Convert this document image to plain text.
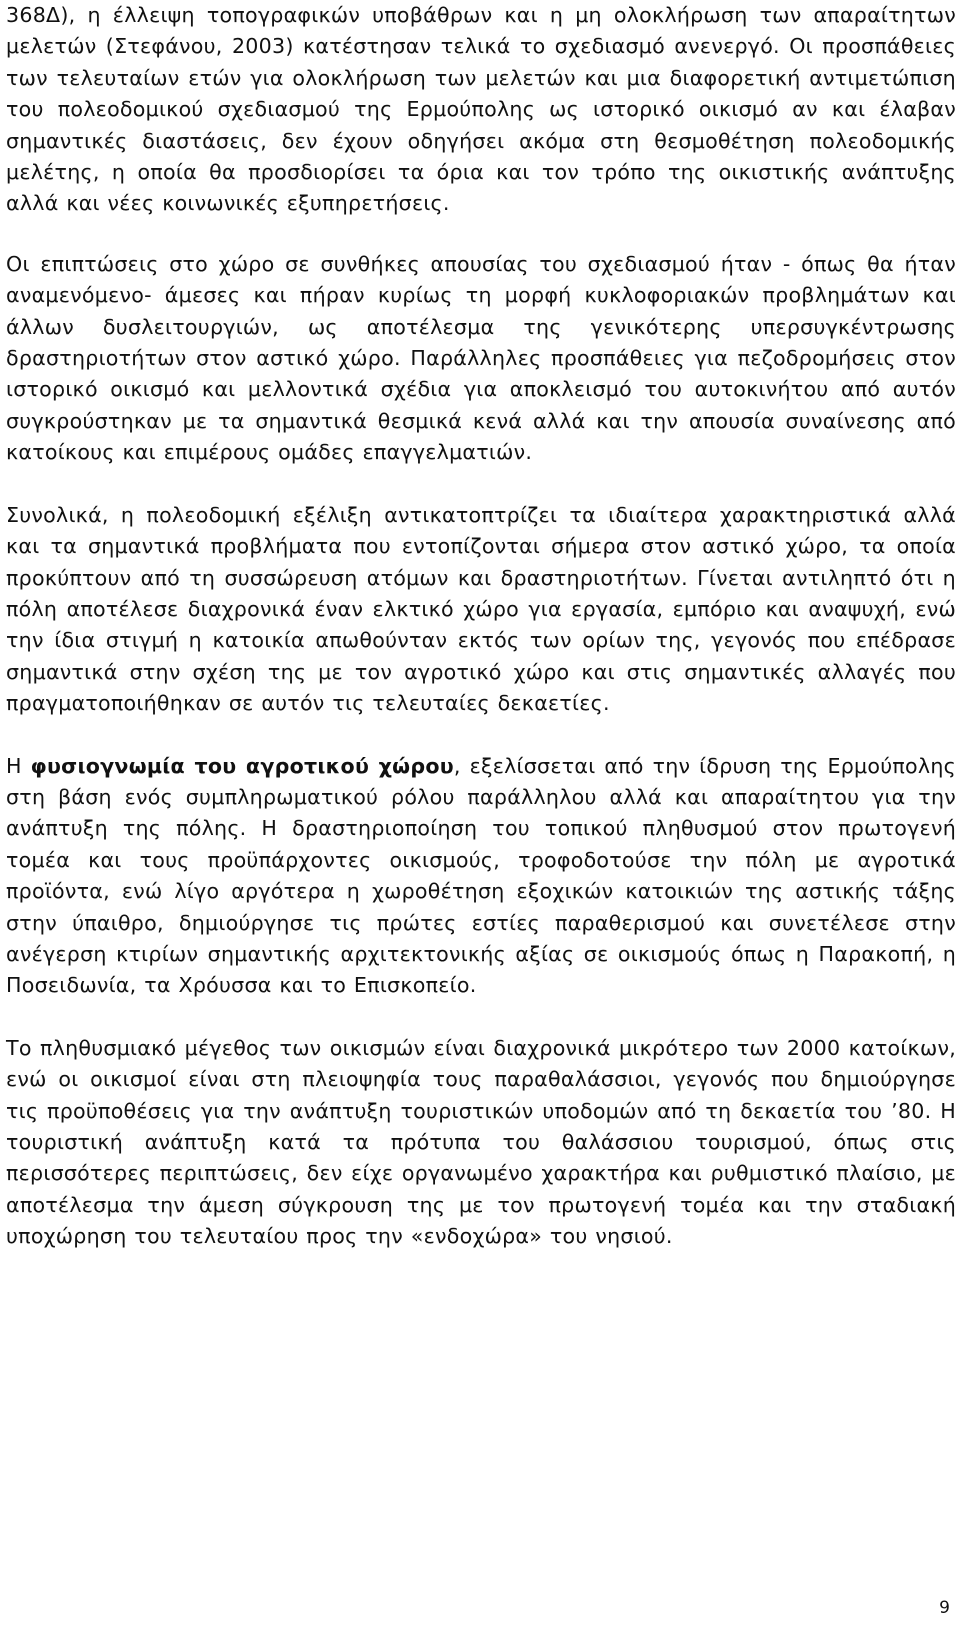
368Δ), η έλλειψη τοπογραφικών υποβάθρων και η μη ολοκλήρωση των απαραίτητων μελετών (Στεφάνου, 2003) κατέστησαν τελικά το σχεδιασμό ανενεργό. Οι προσπάθειες των τελευταίων ετών για ολοκλήρωση των μελετών και μια διαφορετική αντιμετώπιση του πολεοδομικού σχεδιασμού της Ερμούπολης ως ιστορικό οικισμό αν και έλαβαν σημαντικές διαστάσεις, δεν έχουν οδηγήσει ακόμα στη θεσμοθέτηση πολεοδομικής μελέτης, η οποία θα προσδιορίσει τα όρια και τον τρόπο της οικιστικής ανάπτυξης αλλά και νέες κοινωνικές εξυπηρετήσεις.

Οι επιπτώσεις στο χώρο σε συνθήκες απουσίας του σχεδιασμού ήταν - όπως θα ήταν αναμενόμενο- άμεσες και πήραν κυρίως τη μορφή κυκλοφοριακών προβλημάτων και άλλων δυσλειτουργιών, ως αποτέλεσμα της γενικότερης υπερσυγκέντρωσης δραστηριοτήτων στον αστικό χώρο. Παράλληλες προσπάθειες για πεζοδρομήσεις στον ιστορικό οικισμό και μελλοντικά σχέδια για αποκλεισμό του αυτοκινήτου από αυτόν συγκρούστηκαν με τα σημαντικά θεσμικά κενά αλλά και την απουσία συναίνεσης από κατοίκους και επιμέρους ομάδες επαγγελματιών.

Συνολικά, η πολεοδομική εξέλιξη αντικατοπτρίζει τα ιδιαίτερα χαρακτηριστικά αλλά και τα σημαντικά προβλήματα που εντοπίζονται σήμερα στον αστικό χώρο, τα οποία προκύπτουν από τη συσσώρευση ατόμων και δραστηριοτήτων. Γίνεται αντιληπτό ότι η πόλη αποτέλεσε διαχρονικά έναν ελκτικό χώρο για εργασία, εμπόριο και αναψυχή, ενώ την ίδια στιγμή η κατοικία απωθούνταν εκτός των ορίων της, γεγονός που επέδρασε σημαντικά στην σχέση της με τον αγροτικό χώρο και στις σημαντικές αλλαγές που πραγματοποιήθηκαν σε αυτόν τις τελευταίες δεκαετίες.

Η φυσιογνωμία του αγροτικού χώρου, εξελίσσεται από την ίδρυση της Ερμούπολης στη βάση ενός συμπληρωματικού ρόλου παράλληλου αλλά και απαραίτητου για την ανάπτυξη της πόλης. Η δραστηριοποίηση του τοπικού πληθυσμού στον πρωτογενή τομέα και τους προϋπάρχοντες οικισμούς, τροφοδοτούσε την πόλη με αγροτικά προϊόντα, ενώ λίγο αργότερα η χωροθέτηση εξοχικών κατοικιών της αστικής τάξης στην ύπαιθρο, δημιούργησε τις πρώτες εστίες παραθερισμού και συνετέλεσε στην ανέγερση κτιρίων σημαντικής αρχιτεκτονικής αξίας σε οικισμούς όπως η Παρακοπή, η Ποσειδωνία, τα Χρόυσσα και το Επισκοπείο.

Το πληθυσμιακό μέγεθος των οικισμών είναι διαχρονικά μικρότερο των 2000 κατοίκων, ενώ οι οικισμοί είναι στη πλειοψηφία τους παραθαλάσσιοι, γεγονός που δημιούργησε τις προϋποθέσεις για την ανάπτυξη τουριστικών υποδομών από τη δεκαετία του ’80. Η τουριστική ανάπτυξη κατά τα πρότυπα του θαλάσσιου τουρισμού, όπως στις περισσότερες περιπτώσεις, δεν είχε οργανωμένο χαρακτήρα και ρυθμιστικό πλαίσιο, με αποτέλεσμα την άμεση σύγκρουση της με τον πρωτογενή τομέα και την σταδιακή υποχώρηση του τελευταίου προς την «ενδοχώρα» του νησιού.

9
